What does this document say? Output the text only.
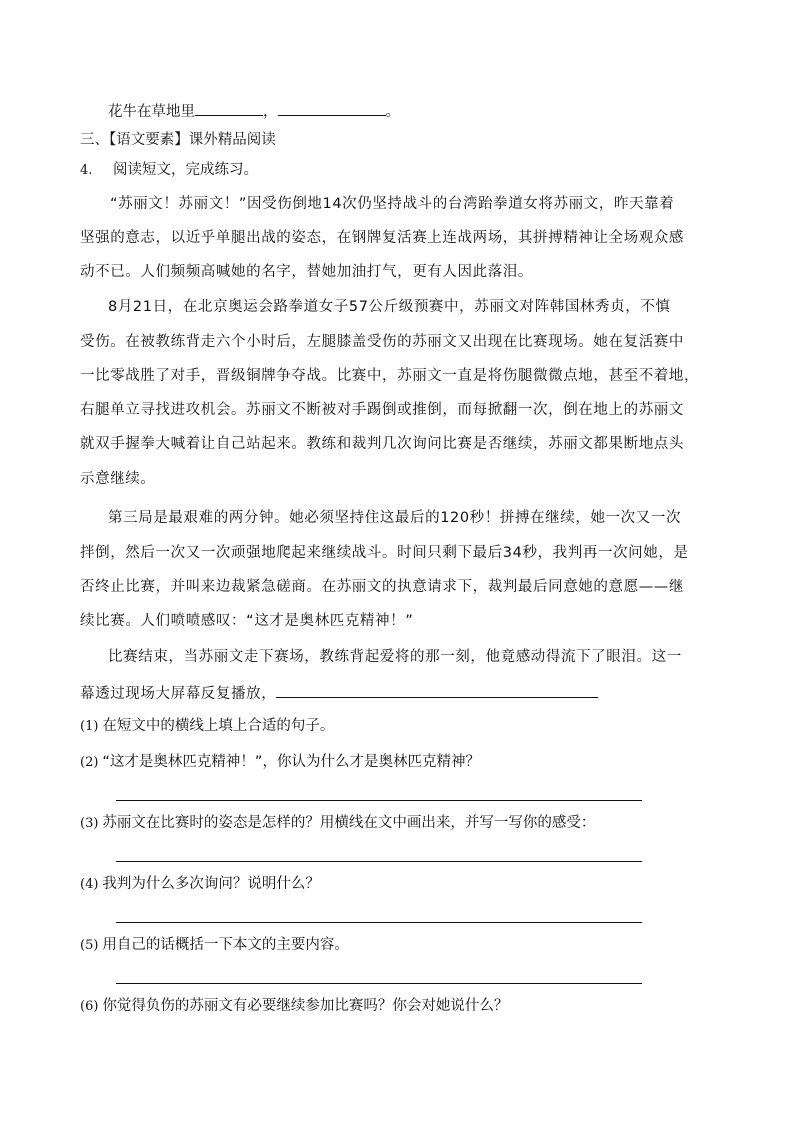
花牛在草地里	，	。
三、【语文要素】课外精品阅读
4. 阅读短文，完成练习。
“苏丽文！苏丽文！”因受伤倒地14次仍坚持战斗的台湾跆拳道女将苏丽文，昨天靠着
坚强的意志，以近乎单腿出战的姿态，在钢牌复活赛上连战两场，其拼搏精神让全场观众感
动不已。人们频频高喊她的名字，替她加油打气，更有人因此落泪。
8月21日，在北京奥运会路拳道女子57公斤级预赛中，苏丽文对阵韩国林秀贞，不慎
受伤。在被教练背走六个小时后，左腿膝盖受伤的苏丽文又出现在比赛现场。她在复活赛中
一比零战胜了对手，晋级铜牌争夺战。比赛中，苏丽文一直是将伤腿微微点地，甚至不着地，
右腿单立寻找进攻机会。苏丽文不断被对手踢倒或推倒，而每掀翻一次，倒在地上的苏丽文
就双手握拳大喊着让自己站起来。教练和裁判几次询问比赛是否继续，苏丽文都果断地点头
示意继续。
第三局是最艰难的两分钟。她必须坚持住这最后的120秒！拼搏在继续，她一次又一次
拌倒，然后一次又一次顽强地爬起来继续战斗。时间只剩下最后34秒，我判再一次问她，是
否终止比赛，并叫来边裁紧急磋商。在苏丽文的执意请求下，裁判最后同意她的意愿——继
续比赛。人们喷喷感叹：“这才是奥林匹克精神！”
比赛结束，当苏丽文走下赛场，教练背起爱将的那一刻，他竟感动得流下了眼泪。这一
幕透过现场大屏幕反复播放，
(1) 在短文中的横线上填上合适的句子。
(2) “这才是奥林匹克精神！”，你认为什么才是奥林匹克精神？
(3) 苏丽文在比赛时的姿态是怎样的？用横线在文中画出来，并写一写你的感受：
(4) 我判为什么多次询问？说明什么？
(5) 用自己的话概括一下本文的主要内容。
(6) 你觉得负伤的苏丽文有必要继续参加比赛吗？你会对她说什么？
